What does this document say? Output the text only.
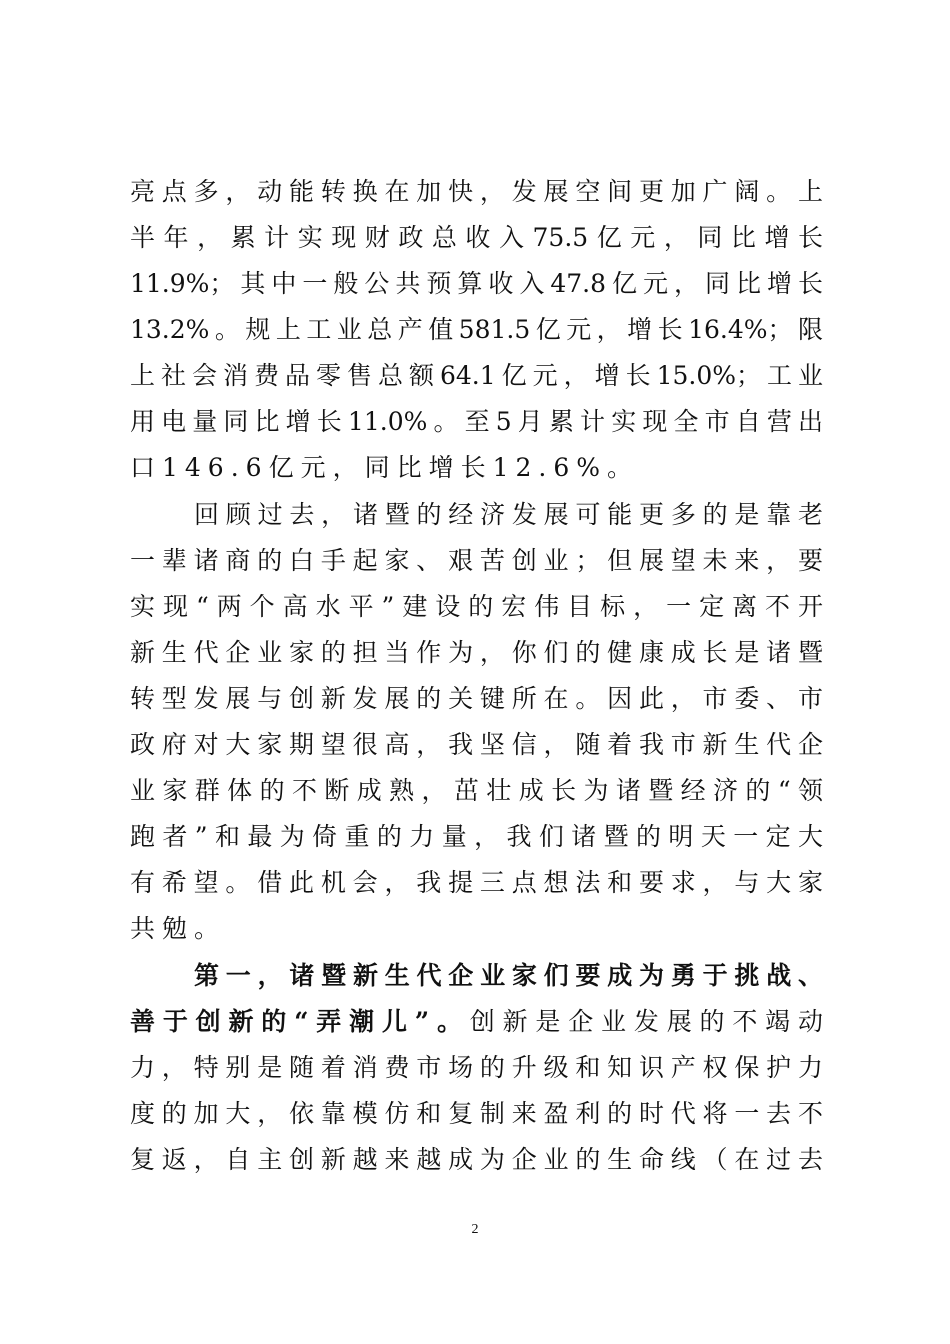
亮点多，动能转换在加快，发展空间更加广阔。上
半年，累计实现财政总收入75.5亿元，同比增长
11.9%；其中一般公共预算收入47.8亿元，同比增长
13.2%。规上工业总产值581.5亿元，增长16.4%；限
上社会消费品零售总额64.1亿元，增长15.0%；工业
用电量同比增长11.0%。至5月累计实现全市自营出
口146.6亿元，同比增长12.6%。
回顾过去，诸暨的经济发展可能更多的是靠老
一辈诸商的白手起家、艰苦创业；但展望未来，要
实现“两个高水平”建设的宏伟目标，一定离不开
新生代企业家的担当作为，你们的健康成长是诸暨
转型发展与创新发展的关键所在。因此，市委、市
政府对大家期望很高，我坚信，随着我市新生代企
业家群体的不断成熟，茁壮成长为诸暨经济的“领
跑者”和最为倚重的力量，我们诸暨的明天一定大
有希望。借此机会，我提三点想法和要求，与大家
共勉。
第一，诸暨新生代企业家们要成为勇于挑战、
善于创新的“弄潮儿”。创新是企业发展的不竭动
力，特别是随着消费市场的升级和知识产权保护力
度的加大，依靠模仿和复制来盈利的时代将一去不
复返，自主创新越来越成为企业的生命线（在过去
2
